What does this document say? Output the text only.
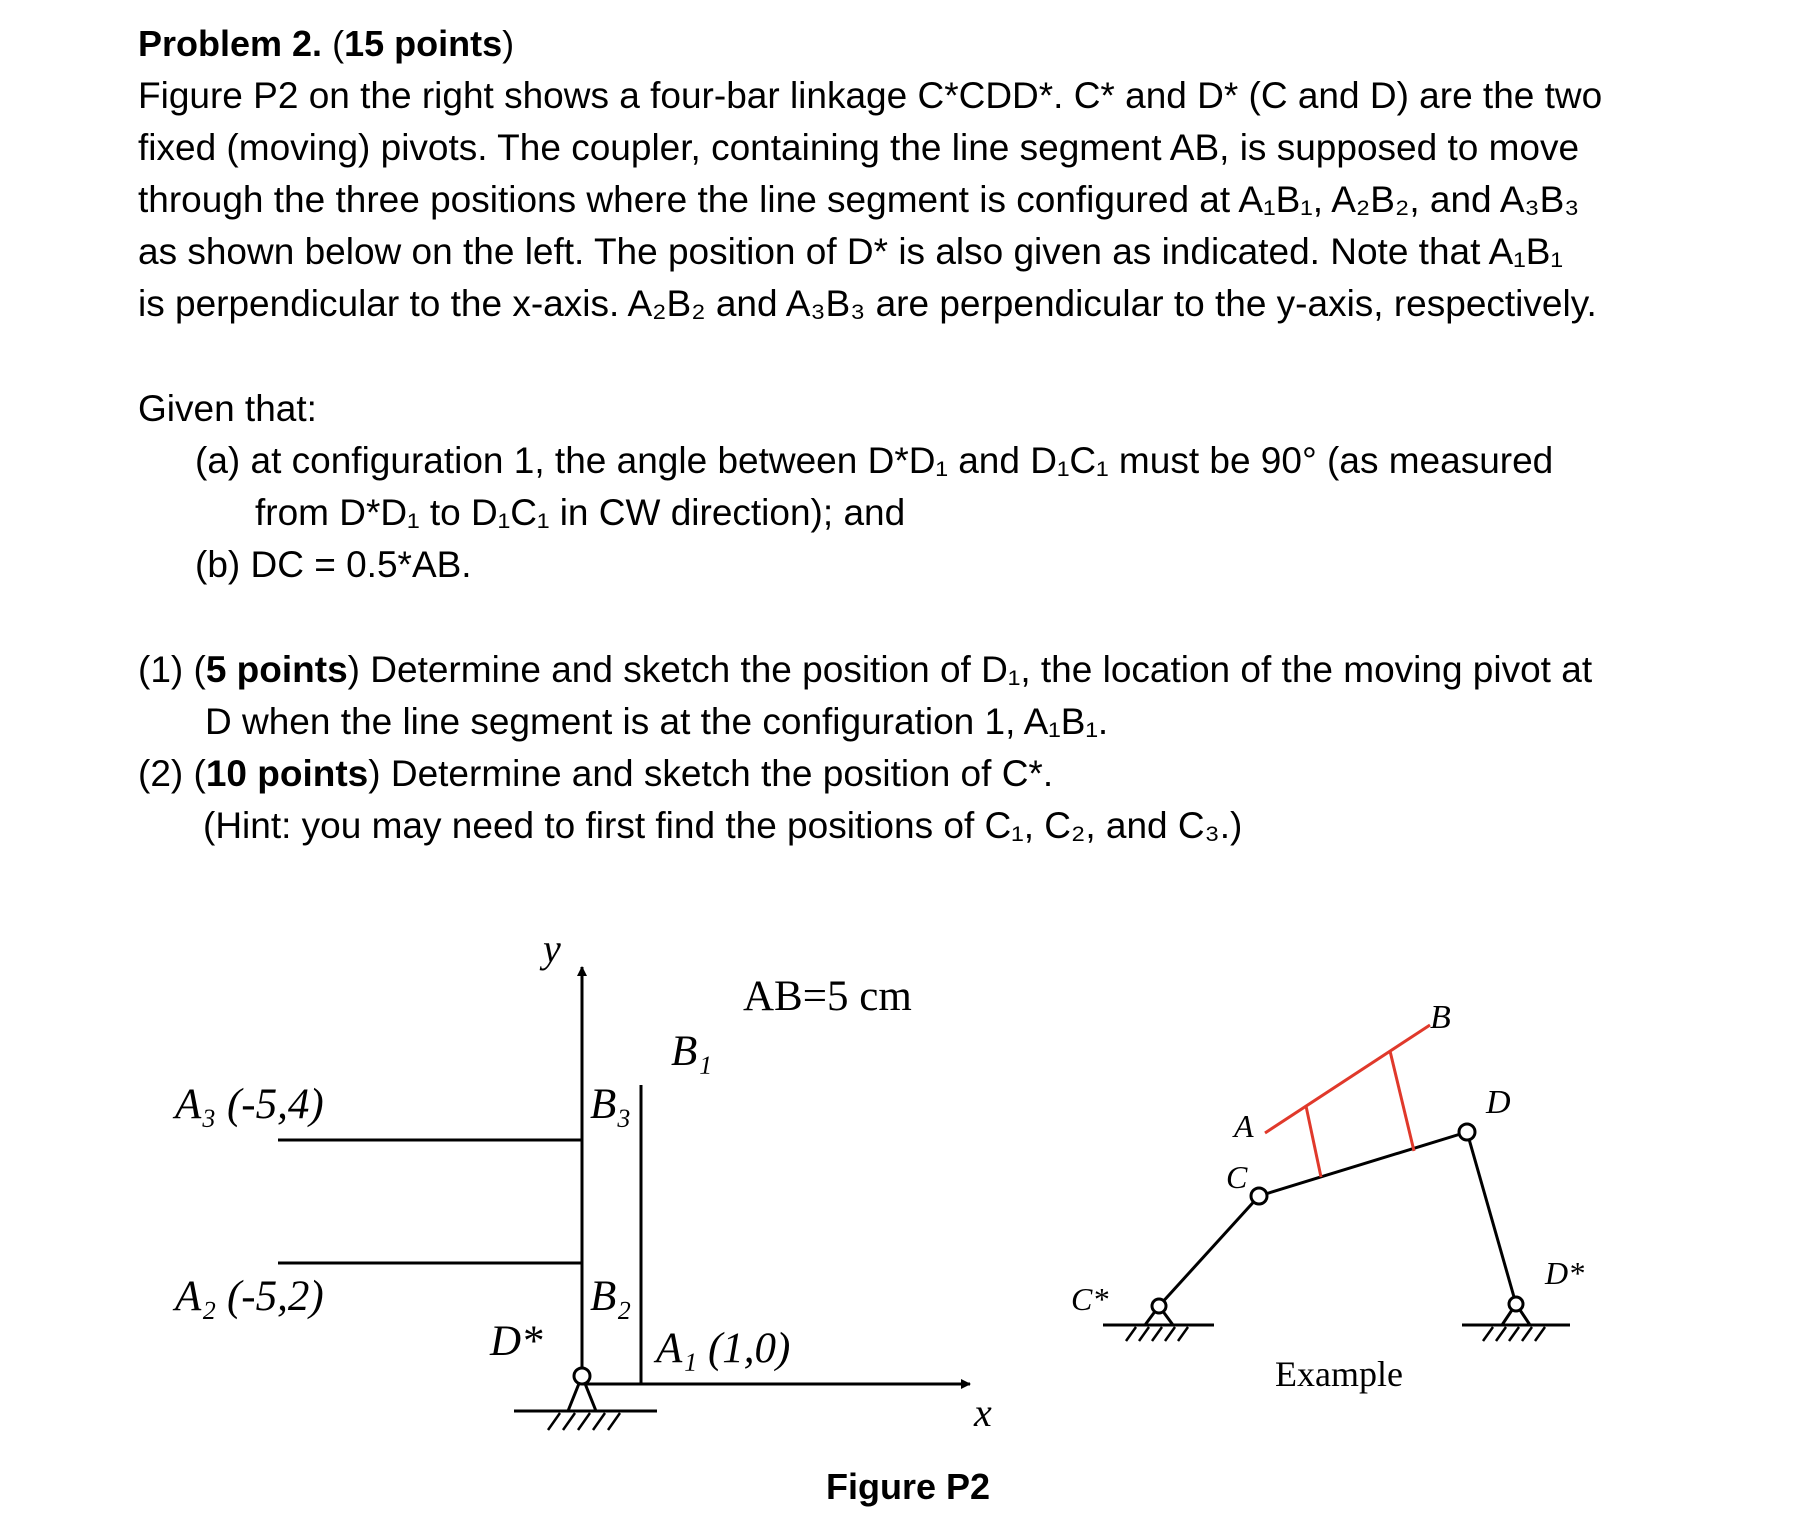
Problem 2. (15 points)
Figure P2 on the right shows a four-bar linkage C*CDD*. C* and D* (C and D) are the two
fixed (moving) pivots. The coupler, containing the line segment AB, is supposed to move
through the three positions where the line segment is configured at A₁B₁, A₂B₂, and A₃B₃
as shown below on the left. The position of D* is also given as indicated. Note that A₁B₁
is perpendicular to the x-axis. A₂B₂ and A₃B₃ are perpendicular to the y-axis, respectively.
Given that:
(a) at configuration 1, the angle between D*D₁ and D₁C₁ must be 90° (as measured
from D*D₁ to D₁C₁ in CW direction); and
(b) DC = 0.5*AB.
(1) (5 points) Determine and sketch the position of D₁, the location of the moving pivot at
D when the line segment is at the configuration 1, A₁B₁.
(2) (10 points) Determine and sketch the position of C*.
(Hint: you may need to first find the positions of C₁, C₂, and C₃.)
y
x
AB=5 cm
B₁
A₃ (-5,4)	B₃
A₂ (-5,2)	B₂
D*	A₁ (1,0)
Figure P2
B
D
A
C
C*
D*
Example
